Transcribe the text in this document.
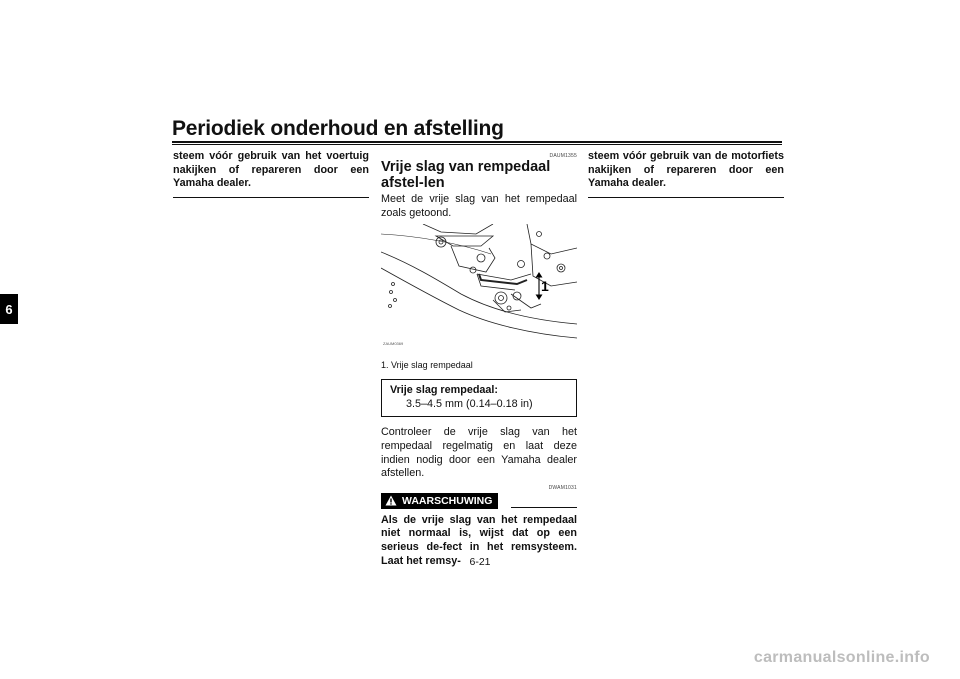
Periodiek onderhoud en afstelling
6
steem vóór gebruik van het voertuig nakijken of repareren door een Yamaha dealer.
DAUM1355
Vrije slag van rempedaal afstel-len

Meet de vrije slag van het rempedaal zoals getoond.

1
ZAUM0369
1. Vrije slag rempedaal
Vrije slag rempedaal:
3.5–4.5 mm (0.14–0.18 in)

Controleer de vrije slag van het rempedaal regelmatig en laat deze indien nodig door een Yamaha dealer afstellen.

DWAM1031
WAARSCHUWING
Als de vrije slag van het rempedaal niet normaal is, wijst dat op een serieus de-fect in het remsysteem. Laat het remsy-
steem vóór gebruik van de motorfiets nakijken of repareren door een Yamaha dealer.
6-21
carmanualsonline.info
